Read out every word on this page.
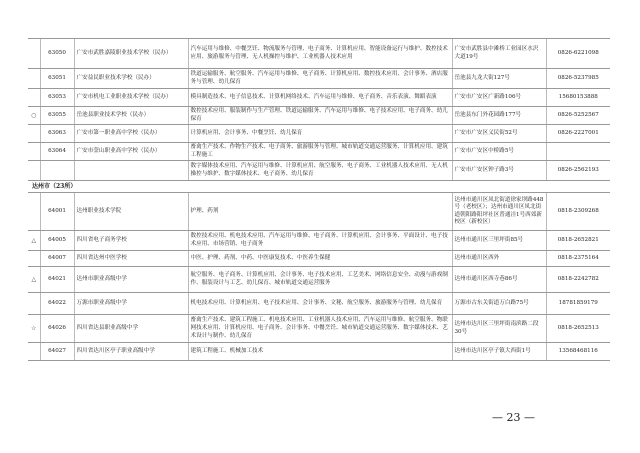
	63050	广安市武胜嘉陵职业技术学校（民办）	汽车运用与维修、中餐烹饪、物流服务与管理、电子商务、计算机应用、智能设备运行与维护、数控技术应用、旅游服务与管理、无人机操控与维护、工业机器人技术应用	广安市武胜县中滩桥工业园区水沢大道19号	0826-6221098
	63051	广安益民职业技术学校（民办）	铁道运输服务、航空服务、汽车运用与维修、电子商务、计算机应用、数控技术应用、会计事务、酒店服务与管理、幼儿保育	岳池县九龙大街127号	0826-5237985
	63053	广安市机电工业职业技术学校（民办）	模具制造技术、电子信息技术、计算机网络技术、汽车运用与维修、电子商务、音乐表演、舞蹈表演	广安市广安区广新路106号	15680153888
○	63055	岳池县职业技术学校（民办）	数控技术应用、服装制作与生产管理、铁道运输服务、汽车运用与维修、电子技术应用、电子商务、幼儿保育	岳池县东门外花园路177号	0826-5252567
	63063	广安市第一职业高中学校（民办）	计算机应用、会计事务、中餐烹饪、幼儿保育	广安市广安区义民街52号	0826-2227001
	63064	广安市蓥山职业高中学校（民办）	畜禽生产技术、作物生产技术、电子商务、旅游服务与管理、城市轨道交通运营服务、计算机应用、建筑工程施工	广安市广安区中桥路5号	
			数字媒体技术应用、汽车运用与维修、计算机应用、航空服务、电子商务、工业机器人技术应用、无人机操控与维护、数字媒体技术、电子商务、幼儿保育	广安市广安区钟子路3号	0826-2562193
达州市（23所）					
	64001	达州职业技术学院	护理、药剂	达州市通川区凤北街道徐家坝路448号（老校区）；达州市通川区凤北街道朝阳路阳坪社区普通洼1号西郊新校区（新校区）	0818-2309268
△	64005	四川省电子商务学校	数控技术应用、机电技术应用、汽车运用与维修、电子商务、计算机应用、会计事务、平面设计、电子技术应用、市场营销、电子商务	达州市通川区三里坪街85号	0818-2652821
	64007	四川省达州中医学校	中医、护理、药剂、中药、中医康复技术、中医养生保健	达州市通川区西外	0818-2375164
△	64021	达州市职业高级中学	航空服务、电子商务、计算机应用、会计事务、电子技术应用、工艺美术、网络信息安全、动漫与游戏制作、服装设计与工艺、幼儿保育、城市轨道交通运营服务	达州市通川区西寺巷86号	0818-2242782
	64022	万源市职业高级中学	机电技术应用、计算机应用、电子技术应用、会计事务、文秘、航空服务、旅游服务与管理、幼儿保育	万源市古东关街道万白路75号	18781859179
☆	64026	四川省达县职业高级中学	畜禽生产技术、建筑工程施工、机电技术应用、工业机器人技术应用、汽车运用与维修、航空服务、物联网技术应用、计算机应用、电子商务、会计事务、中餐烹饪、城市轨道交通运营服务、数字媒体技术、艺术设计与制作、幼儿保育	达州市达川区三里坪街南滨路二段30号	0818-2652513
	64027	四川省达川区亭子职业高级中学	建筑工程施工、机械加工技术	达州市达川区亭子镇大西街1号	13568468116
— 23 —
